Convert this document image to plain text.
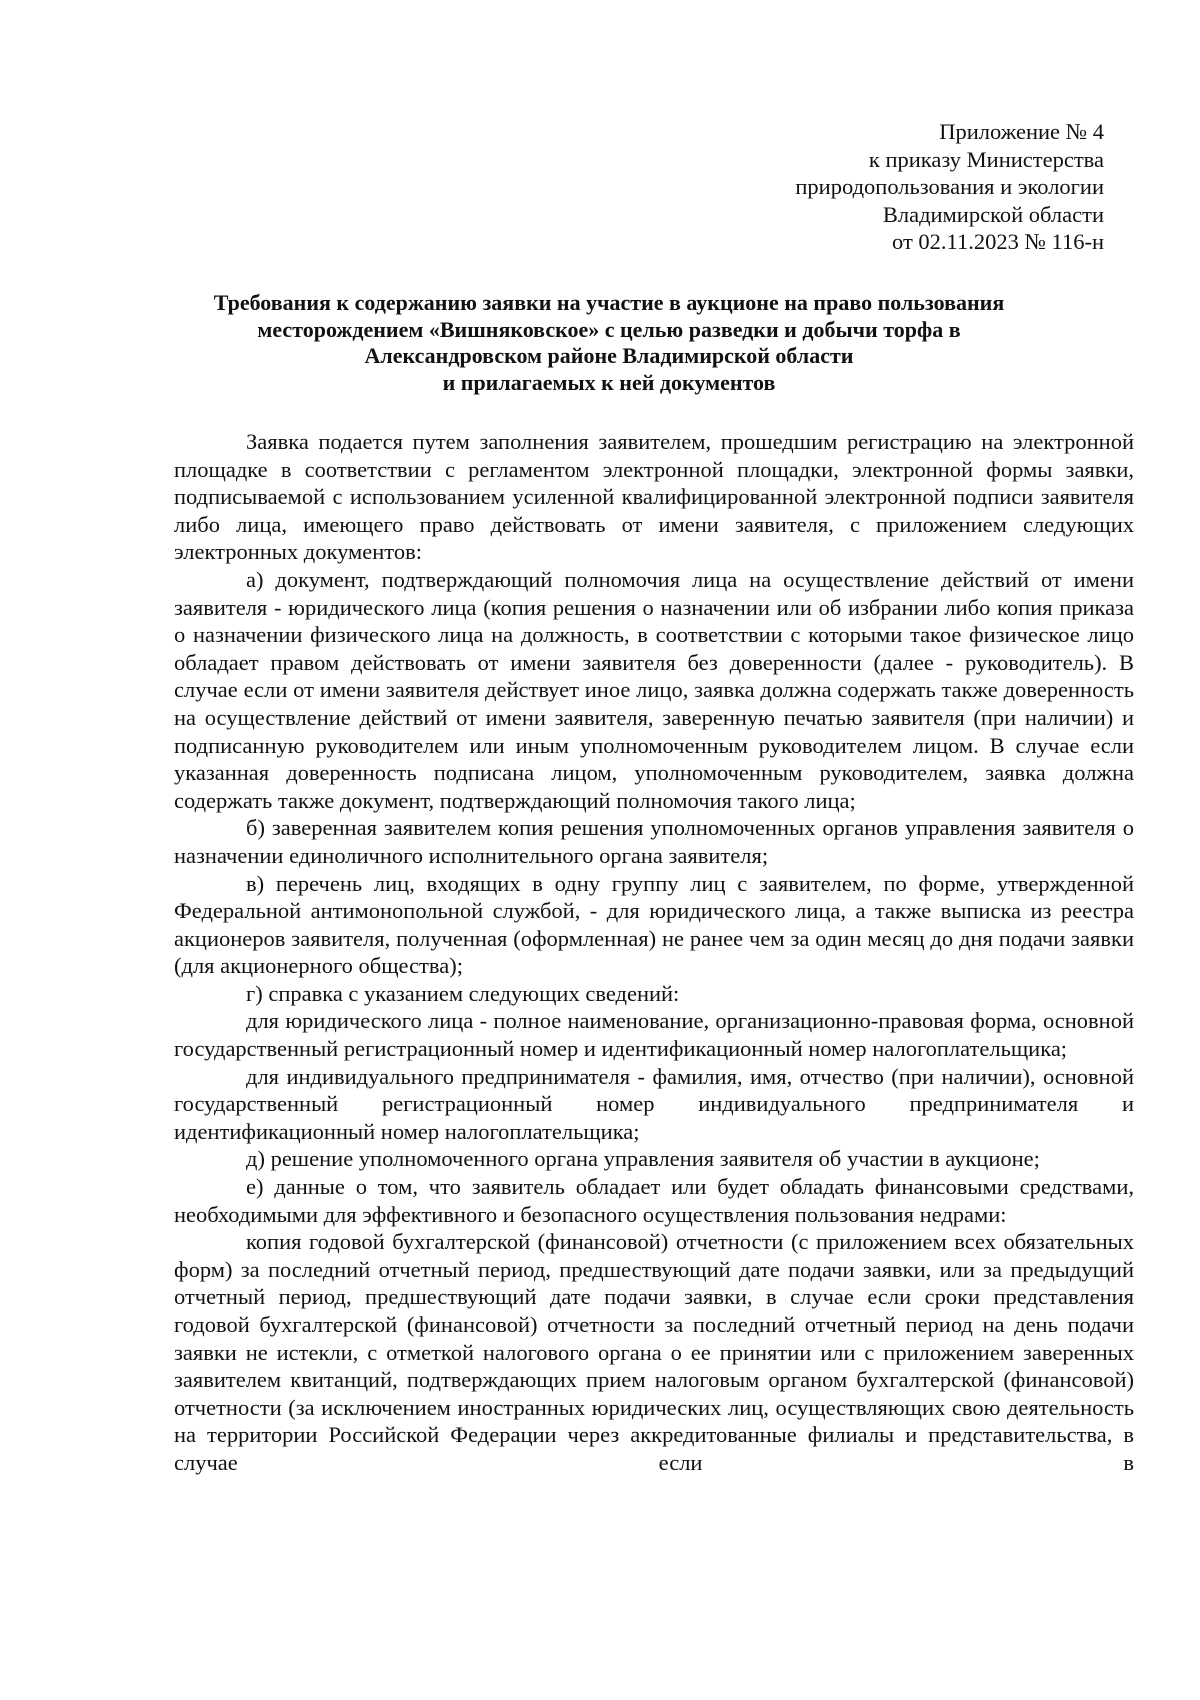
Приложение № 4
к приказу Министерства
природопользования и экологии
Владимирской области
от 02.11.2023 № 116-н
Требования к содержанию заявки на участие в аукционе на право пользования
месторождением «Вишняковское» с целью разведки и добычи торфа в
Александровском районе Владимирской области
и прилагаемых к ней документов

Заявка подается путем заполнения заявителем, прошедшим регистрацию на электронной площадке в соответствии с регламентом электронной площадки, электронной формы заявки, подписываемой с использованием усиленной квалифицированной электронной подписи заявителя либо лица, имеющего право действовать от имени заявителя, с приложением следующих электронных документов:

а) документ, подтверждающий полномочия лица на осуществление действий от имени заявителя - юридического лица (копия решения о назначении или об избрании либо копия приказа о назначении физического лица на должность, в соответствии с которыми такое физическое лицо обладает правом действовать от имени заявителя без доверенности (далее - руководитель). В случае если от имени заявителя действует иное лицо, заявка должна содержать также доверенность на осуществление действий от имени заявителя, заверенную печатью заявителя (при наличии) и подписанную руководителем или иным уполномоченным руководителем лицом. В случае если указанная доверенность подписана лицом, уполномоченным руководителем, заявка должна содержать также документ, подтверждающий полномочия такого лица;

б) заверенная заявителем копия решения уполномоченных органов управления заявителя о назначении единоличного исполнительного органа заявителя;

в) перечень лиц, входящих в одну группу лиц с заявителем, по форме, утвержденной Федеральной антимонопольной службой, - для юридического лица, а также выписка из реестра акционеров заявителя, полученная (оформленная) не ранее чем за один месяц до дня подачи заявки (для акционерного общества);

г) справка с указанием следующих сведений:

для юридического лица - полное наименование, организационно-правовая форма, основной государственный регистрационный номер и идентификационный номер налогоплательщика;

для индивидуального предпринимателя - фамилия, имя, отчество (при наличии), основной государственный регистрационный номер индивидуального предпринимателя и идентификационный номер налогоплательщика;

д) решение уполномоченного органа управления заявителя об участии в аукционе;

е) данные о том, что заявитель обладает или будет обладать финансовыми средствами, необходимыми для эффективного и безопасного осуществления пользования недрами:

копия годовой бухгалтерской (финансовой) отчетности (с приложением всех обязательных форм) за последний отчетный период, предшествующий дате подачи заявки, или за предыдущий отчетный период, предшествующий дате подачи заявки, в случае если сроки представления годовой бухгалтерской (финансовой) отчетности за последний отчетный период на день подачи заявки не истекли, с отметкой налогового органа о ее принятии или с приложением заверенных заявителем квитанций, подтверждающих прием налоговым органом бухгалтерской (финансовой) отчетности (за исключением иностранных юридических лиц, осуществляющих свою деятельность на территории Российской Федерации через аккредитованные филиалы и представительства, в случае если в
